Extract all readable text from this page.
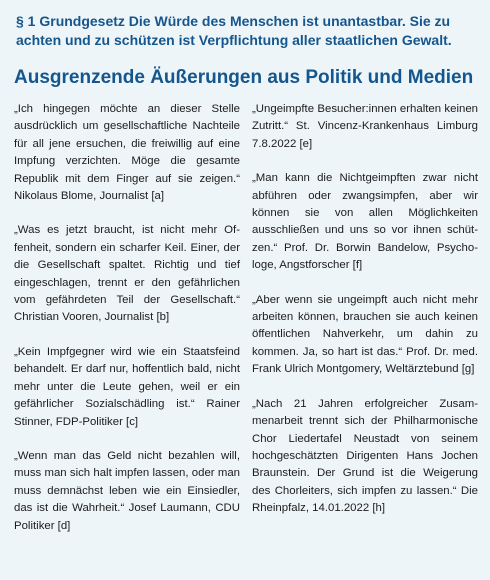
§ 1 Grundgesetz Die Würde des Menschen ist unantastbar. Sie zu achten und zu schützen ist Verpflichtung aller staatlichen Gewalt.
Ausgrenzende Äußerungen aus Politik und Medien

„Ich hingegen möchte an dieser Stelle ausdrücklich um gesellschaftliche Nachteile für all jene ersuchen, die freiwillig auf eine Impfung verzichten. Möge die gesamte Republik mit dem Finger auf sie zeigen.“ Nikolaus Blome, Journalist [a]

„Was es jetzt braucht, ist nicht mehr Offenheit, sondern ein scharfer Keil. Einer, der die Gesellschaft spaltet. Richtig und tief eingeschlagen, trennt er den gefährlichen vom gefährdeten Teil der Gesellschaft.“ Christian Vooren, Journalist [b]

„Kein Impfgegner wird wie ein Staatsfeind behandelt. Er darf nur, hoffentlich bald, nicht mehr unter die Leute gehen, weil er ein gefährlicher Sozialschädling ist.“ Rainer Stinner, FDP-Politiker [c]

„Wenn man das Geld nicht bezahlen will, muss man sich halt impfen lassen, oder man muss demnächst leben wie ein Einsiedler, das ist die Wahrheit.“ Josef Laumann, CDU Politiker [d]

„Ungeimpfte Besucher:innen erhalten keinen Zutritt.“ St. Vincenz-Krankenhaus Limburg 7.8.2022 [e]

„Man kann die Nichtgeimpften zwar nicht abführen oder zwangsimpfen, aber wir können sie von allen Möglichkeiten ausschließen und uns so vor ihnen schützen.“ Prof. Dr. Borwin Bandelow, Psychologe, Angstforscher [f]

„Aber wenn sie ungeimpft auch nicht mehr arbeiten können, brauchen sie auch keinen öffentlichen Nahverkehr, um dahin zu kommen. Ja, so hart ist das.“ Prof. Dr. med. Frank Ulrich Montgomery, Weltärztebund [g]

„Nach 21 Jahren erfolgreicher Zusammenarbeit trennt sich der Philharmonische Chor Liedertafel Neustadt von seinem hochgeschätzten Dirigenten Hans Jochen Braunstein. Der Grund ist die Weigerung des Chorleiters, sich impfen zu lassen.“ Die Rheinpfalz, 14.01.2022 [h]
